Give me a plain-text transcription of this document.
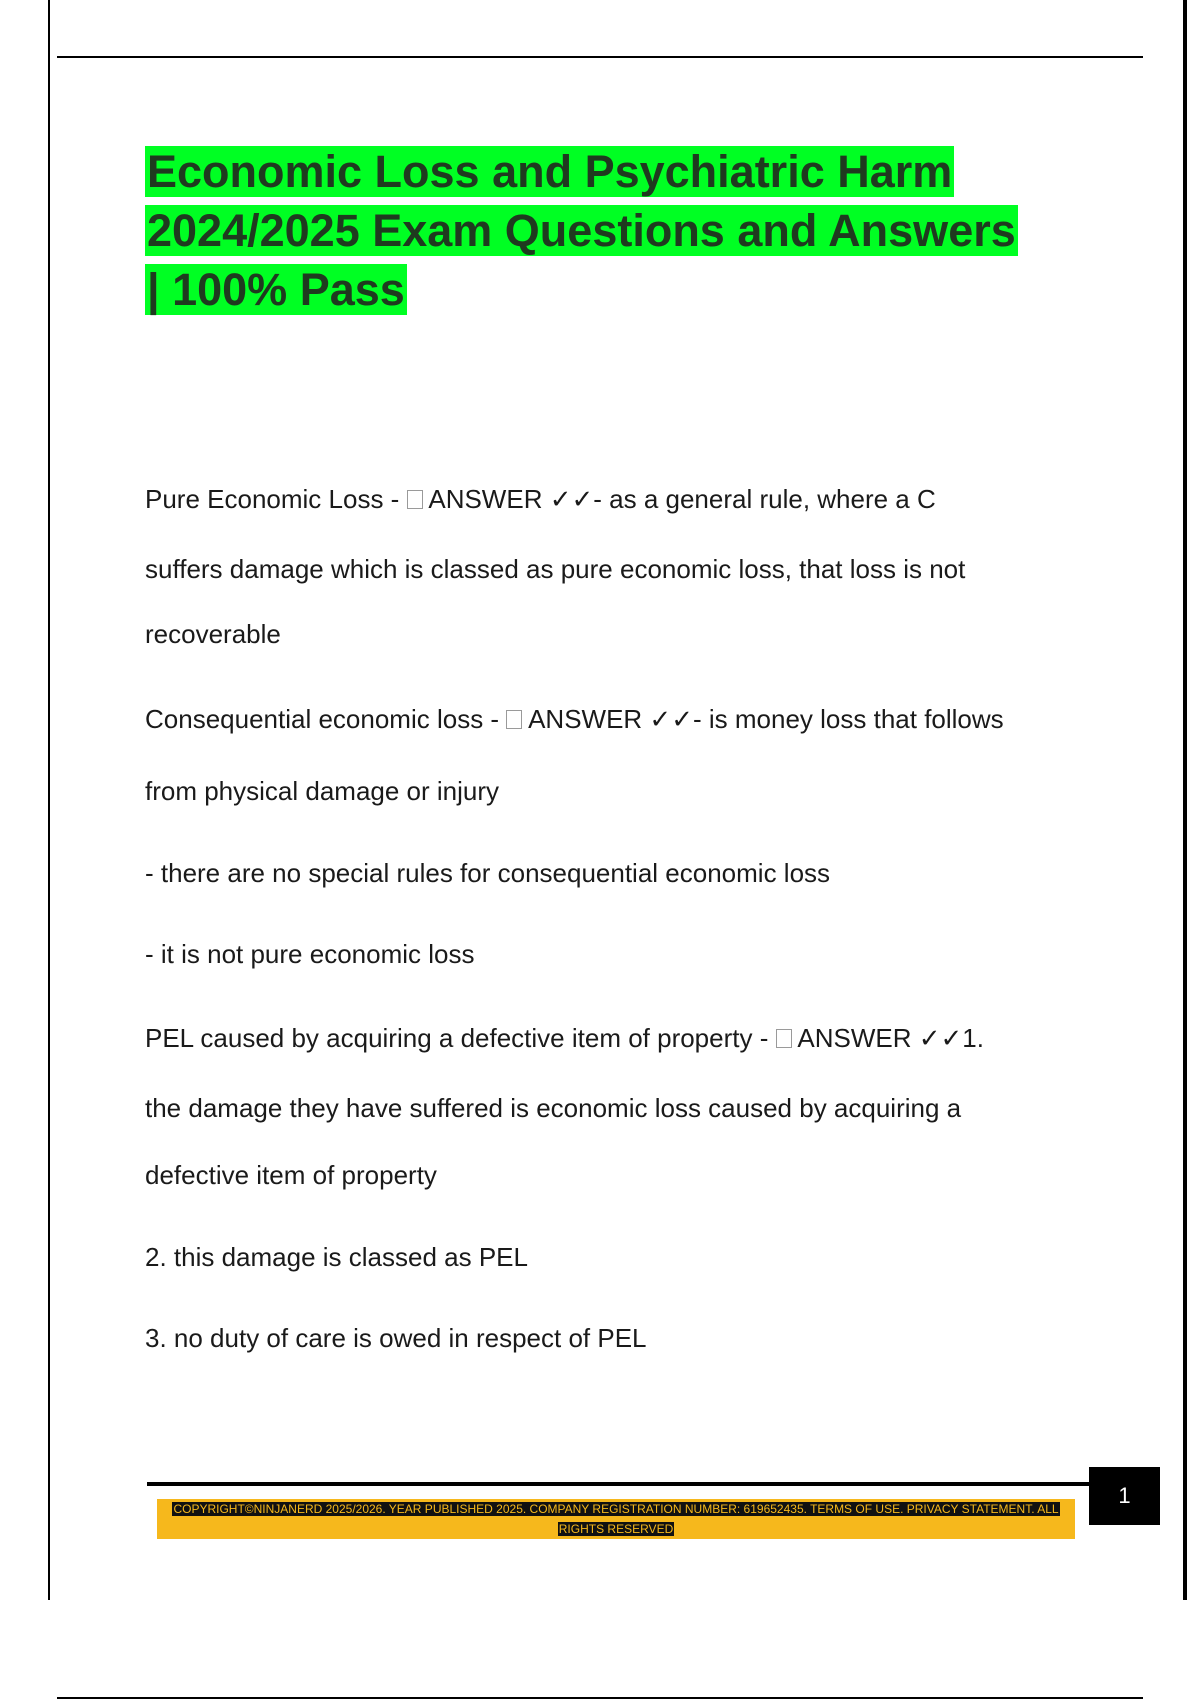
Economic Loss and Psychiatric Harm
2024/2025 Exam Questions and Answers
| 100% Pass

Pure Economic Loss -  ANSWER ✓✓- as a general rule, where a C

suffers damage which is classed as pure economic loss, that loss is not

recoverable

Consequential economic loss -  ANSWER ✓✓- is money loss that follows

from physical damage or injury

- there are no special rules for consequential economic loss

- it is not pure economic loss

PEL caused by acquiring a defective item of property -  ANSWER ✓✓1.

the damage they have suffered is economic loss caused by acquiring a

defective item of property

2. this damage is classed as PEL

3. no duty of care is owed in respect of PEL

1
COPYRIGHT©NINJANERD 2025/2026. YEAR PUBLISHED 2025. COMPANY REGISTRATION NUMBER: 619652435. TERMS OF USE. PRIVACY STATEMENT. ALL RIGHTS RESERVED
